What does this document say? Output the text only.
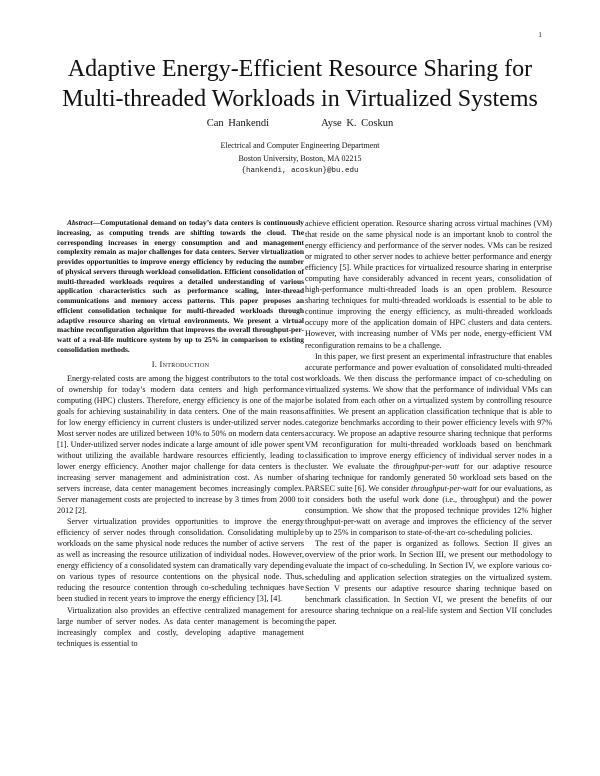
1
Adaptive Energy-Efficient Resource Sharing for
Multi-threaded Workloads in Virtualized Systems
Can Hankendi	Ayse K. Coskun
Electrical and Computer Engineering Department
Boston University, Boston, MA 02215
{hankendi, acoskun}@bu.edu

Abstract—Computational demand on today’s data centers is continuously increasing, as computing trends are shifting towards the cloud. The corresponding increases in energy consumption and and management complexity remain as major challenges for data centers. Server virtualization provides opportunities to improve energy efficiency by reducing the number of physical servers through workload consolidation. Efficient consolidation of multi-threaded workloads requires a detailed understanding of various application characteristics such as performance scaling, inter-thread communications and memory access patterns. This paper proposes an efficient consolidation technique for multi-threaded workloads through adaptive resource sharing on virtual environments. We present a virtual machine reconfiguration algorithm that improves the overall throughput-per-watt of a real-life multicore system by up to 25% in comparison to existing consolidation methods.

I. Introduction

Energy-related costs are among the biggest contributors to the total cost of ownership for today’s modern data centers and high performance computing (HPC) clusters. Therefore, energy efficiency is one of the major goals for achieving sustainability in data centers. One of the main reasons for low energy efficiency in current clusters is under-utilized server nodes. Most server nodes are utilized between 10% to 50% on modern data centers [1]. Under-utilized server nodes indicate a large amount of idle power spent without utilizing the available hardware resources efficiently, leading to lower energy efficiency. Another major challenge for data centers is the increasing server management and administration cost. As number of servers increase, data center management becomes increasingly complex. Server management costs are projected to increase by 3 times from 2000 to 2012 [2].

Server virtualization provides opportunities to improve the energy efficiency of server nodes through consolidation. Consolidating multiple workloads on the same physical node reduces the number of active servers as well as increasing the resource utilization of individual nodes. However, energy efficiency of a consolidated system can dramatically vary depending on various types of resource contentions on the physical node. Thus, reducing the resource contention through co-scheduling techniques have been studied in recent years to improve the energy efficiency [3], [4].

Virtualization also provides an effective centralized management for a large number of server nodes. As data center management is becoming increasingly complex and costly, developing adaptive management techniques is essential to

achieve efficient operation. Resource sharing across virtual machines (VM) that reside on the same physical node is an important knob to control the energy efficiency and performance of the server nodes. VMs can be resized or migrated to other server nodes to achieve better performance and energy efficiency [5]. While practices for virtualized resource sharing in enterprise computing have considerably advanced in recent years, consolidation of high-performance multi-threaded loads is an open problem. Resource sharing techniques for multi-threaded workloads is essential to be able to continue improving the energy efficiency, as multi-threaded workloads occupy more of the application domain of HPC clusters and data centers. However, with increasing number of VMs per node, energy-efficient VM reconfiguration remains to be a challenge.

In this paper, we first present an experimental infrastructure that enables accurate performance and power evaluation of consolidated multi-threaded workloads. We then discuss the performance impact of co-scheduling on virtualized systems. We show that the performance of individual VMs can be isolated from each other on a virtualized system by controlling resource affinities. We present an application classification technique that is able to categorize benchmarks according to their power efficiency levels with 97% accuracy. We propose an adaptive resource sharing technique that performs VM reconfiguration for multi-threaded workloads based on benchmark classification to improve energy efficiency of individual server nodes in a cluster. We evaluate the throughput-per-watt for our adaptive resource sharing technique for randomly generated 50 workload sets based on the PARSEC suite [6]. We consider throughput-per-watt for our evaluations, as it considers both the useful work done (i.e., throughput) and the power consumption. We show that the proposed technique provides 12% higher throughput-per-watt on average and improves the efficiency of the server by up to 25% in comparison to state-of-the-art co-scheduling policies.

The rest of the paper is organized as follows. Section II gives an overview of the prior work. In Section III, we present our methodology to evaluate the impact of co-scheduling. In Section IV, we explore various co-scheduling and application selection strategies on the virtualized system. Section V presents our adaptive resource sharing technique based on benchmark classification. In Section VI, we present the benefits of our resource sharing technique on a real-life system and Section VII concludes the paper.
